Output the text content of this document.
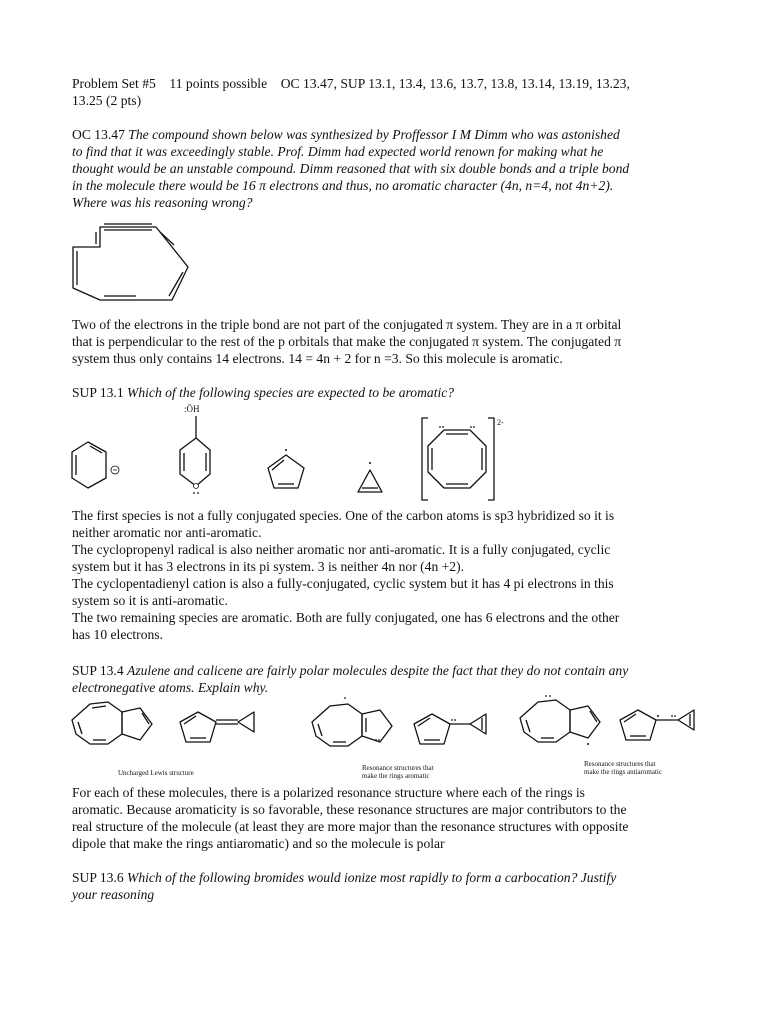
Problem Set #5 11 points possible OC 13.47, SUP 13.1, 13.4, 13.6, 13.7, 13.8, 13.14, 13.19, 13.23,
13.25 (2 pts)
OC 13.47 The compound shown below was synthesized by Proffessor I M Dimm who was astonished
to find that it was exceedingly stable. Prof. Dimm had expected world renown for making what he
thought would be an unstable compound. Dimm reasoned that with six double bonds and a triple bond
in the molecule there would be 16 π electrons and thus, no aromatic character (4n, n=4, not 4n+2).
Where was his reasoning wrong?
Two of the electrons in the triple bond are not part of the conjugated π system. They are in a π orbital
that is perpendicular to the rest of the p orbitals that make the conjugated π system. The conjugated π
system thus only contains 14 electrons. 14 = 4n + 2 for n =3. So this molecule is aromatic.
SUP 13.1 Which of the following species are expected to be aromatic?
:ÖH
2-
The first species is not a fully conjugated species. One of the carbon atoms is sp3 hybridized so it is
neither aromatic nor anti-aromatic.
The cyclopropenyl radical is also neither aromatic nor anti-aromatic. It is a fully conjugated, cyclic
system but it has 3 electrons in its pi system. 3 is neither 4n nor (4n +2).
The cyclopentadienyl cation is also a fully-conjugated, cyclic system but it has 4 pi electrons in this
system so it is anti-aromatic.
The two remaining species are aromatic. Both are fully conjugated, one has 6 electrons and the other
has 10 electrons.
SUP 13.4 Azulene and calicene are fairly polar molecules despite the fact that they do not contain any
electronegative atoms. Explain why.
Uncharged Lewis structure
Resonance structures that
make the rings aromatic
Resonance structures that
make the rings antiaromatic
For each of these molecules, there is a polarized resonance structure where each of the rings is
aromatic. Because aromaticity is so favorable, these resonance structures are major contributors to the
real structure of the molecule (at least they are more major than the resonance structures with opposite
dipole that make the rings antiaromatic) and so the molecule is polar
SUP 13.6 Which of the following bromides would ionize most rapidly to form a carbocation? Justify
your reasoning
